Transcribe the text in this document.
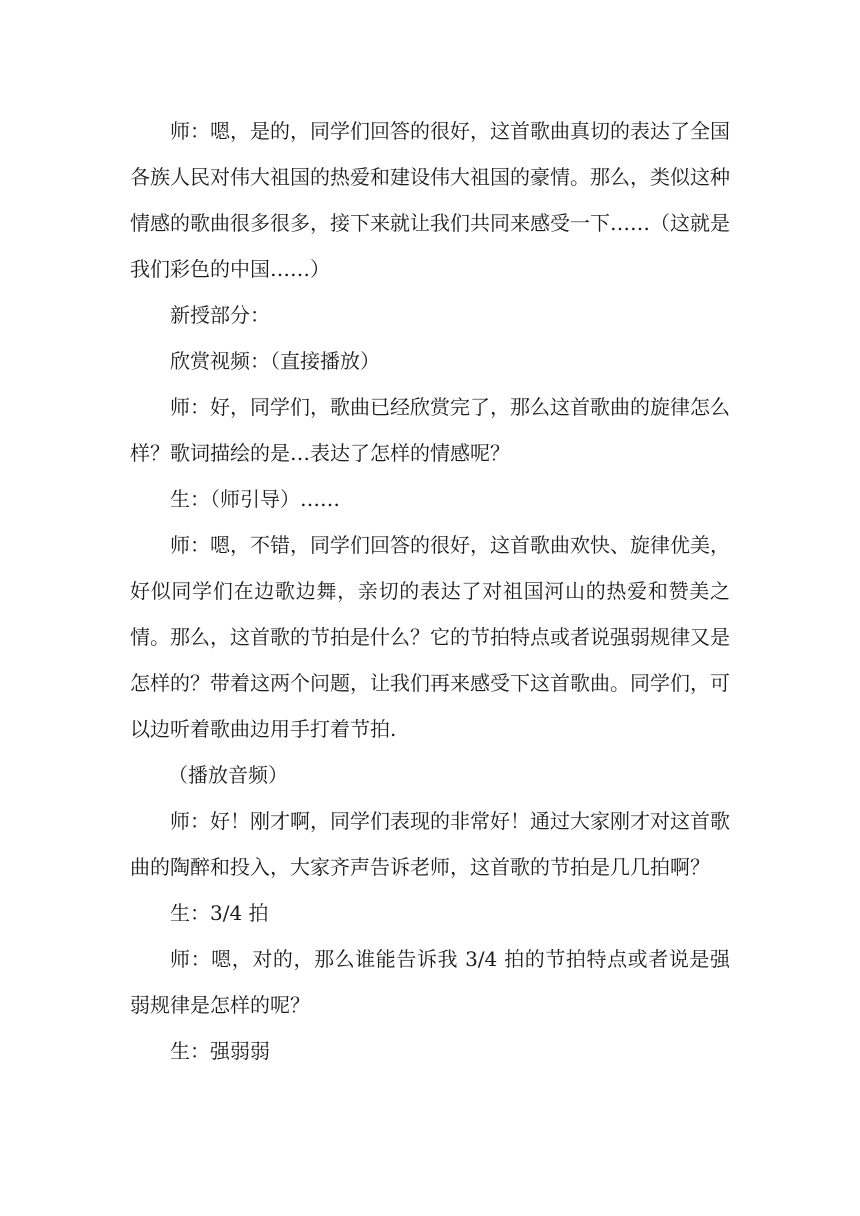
师：嗯，是的，同学们回答的很好，这首歌曲真切的表达了全国各族人民对伟大祖国的热爱和建设伟大祖国的豪情。那么，类似这种情感的歌曲很多很多，接下来就让我们共同来感受一下……（这就是我们彩色的中国……）

新授部分：

欣赏视频：（直接播放）

师：好，同学们，歌曲已经欣赏完了，那么这首歌曲的旋律怎么样？歌词描绘的是…表达了怎样的情感呢？

生：（师引导）……

师：嗯，不错，同学们回答的很好，这首歌曲欢快、旋律优美，好似同学们在边歌边舞，亲切的表达了对祖国河山的热爱和赞美之情。那么，这首歌的节拍是什么？它的节拍特点或者说强弱规律又是怎样的？带着这两个问题，让我们再来感受下这首歌曲。同学们，可以边听着歌曲边用手打着节拍.

（播放音频）

师：好！刚才啊，同学们表现的非常好！通过大家刚才对这首歌曲的陶醉和投入，大家齐声告诉老师，这首歌的节拍是几几拍啊？

生：3/4 拍

师：嗯，对的，那么谁能告诉我 3/4 拍的节拍特点或者说是强弱规律是怎样的呢？

生：强弱弱
